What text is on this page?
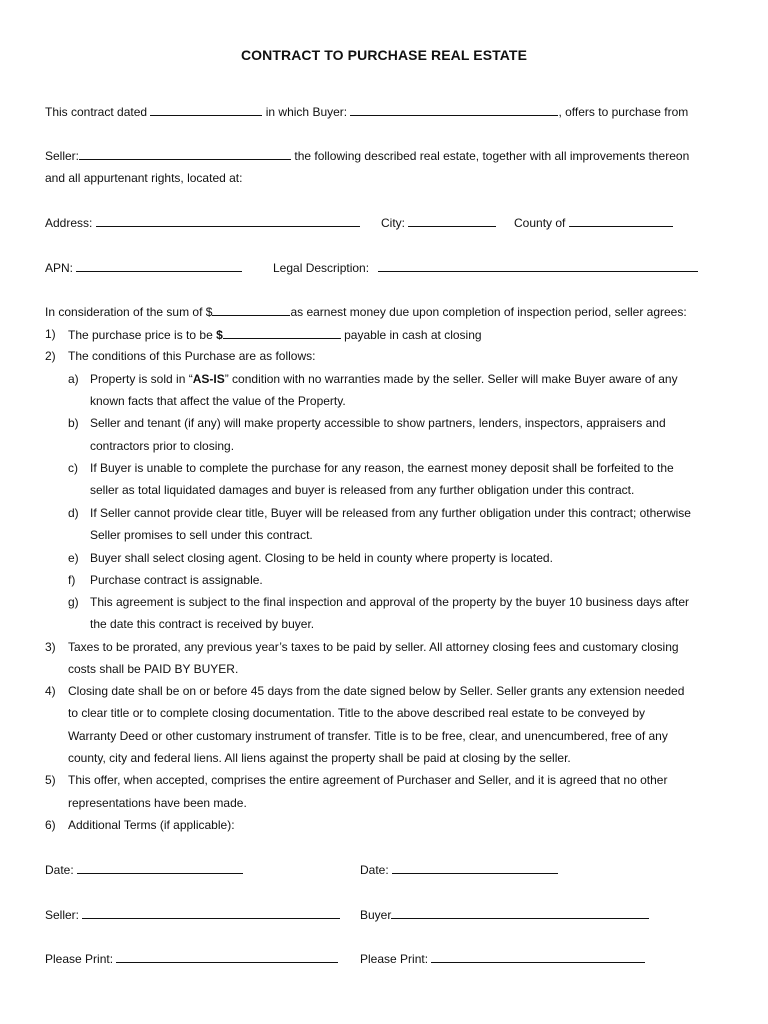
CONTRACT TO PURCHASE REAL ESTATE
This contract dated	in which Buyer:	, offers to purchase from
Seller:	the following described real estate, together with all improvements thereon
and all appurtenant rights, located at:
Address:	City:	County of
APN:	Legal Description:
In consideration of the sum of $	as earnest money due upon completion of inspection period, seller agrees:
1) The purchase price is to be $	payable in cash at closing
2) The conditions of this Purchase are as follows:
a) Property is sold in “AS-IS” condition with no warranties made by the seller. Seller will make Buyer aware of any
known facts that affect the value of the Property.
b) Seller and tenant (if any) will make property accessible to show partners, lenders, inspectors, appraisers and
contractors prior to closing.
c) If Buyer is unable to complete the purchase for any reason, the earnest money deposit shall be forfeited to the
seller as total liquidated damages and buyer is released from any further obligation under this contract.
d) If Seller cannot provide clear title, Buyer will be released from any further obligation under this contract; otherwise
Seller promises to sell under this contract.
e) Buyer shall select closing agent. Closing to be held in county where property is located.
f) Purchase contract is assignable.
g) This agreement is subject to the final inspection and approval of the property by the buyer 10 business days after
the date this contract is received by buyer.
3) Taxes to be prorated, any previous year’s taxes to be paid by seller. All attorney closing fees and customary closing
costs shall be PAID BY BUYER.
4) Closing date shall be on or before 45 days from the date signed below by Seller. Seller grants any extension needed
to clear title or to complete closing documentation. Title to the above described real estate to be conveyed by
Warranty Deed or other customary instrument of transfer. Title is to be free, clear, and unencumbered, free of any
county, city and federal liens. All liens against the property shall be paid at closing by the seller.
5) This offer, when accepted, comprises the entire agreement of Purchaser and Seller, and it is agreed that no other
representations have been made.
6) Additional Terms (if applicable):
Date:	Date:
Seller:	Buyer
Please Print:	Please Print:
